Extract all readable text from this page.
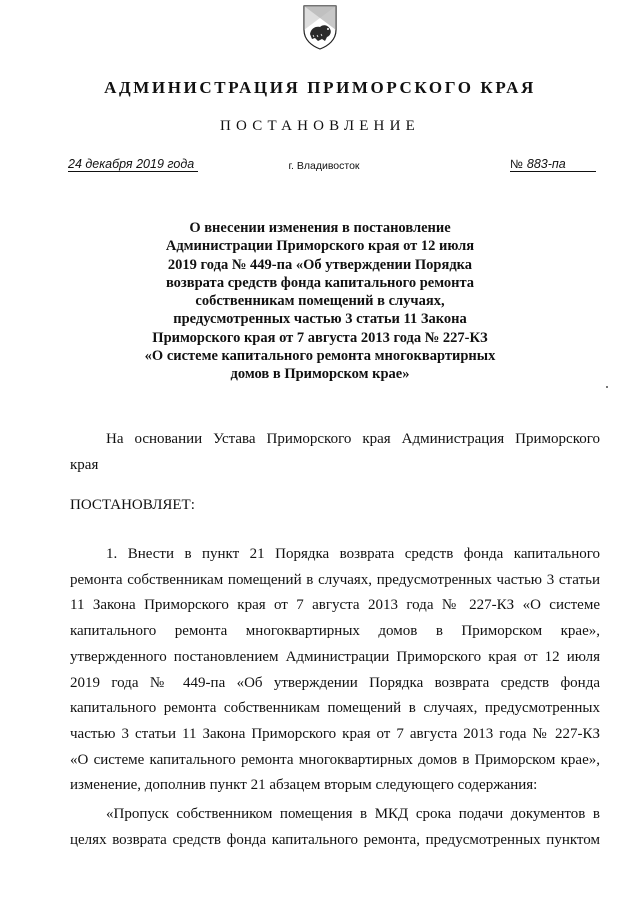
АДМИНИСТРАЦИЯ ПРИМОРСКОГО КРАЯ
ПОСТАНОВЛЕНИЕ
24 декабря 2019 года	г. Владивосток	№ 883-па
О внесении изменения в постановление
Администрации Приморского края от 12 июля
2019 года № 449-па «Об утверждении Порядка
возврата средств фонда капитального ремонта
собственникам помещений в случаях,
предусмотренных частью 3 статьи 11 Закона
Приморского края от 7 августа 2013 года № 227-КЗ
«О системе капитального ремонта многоквартирных
домов в Приморском крае»
На основании Устава Приморского края Администрация Приморского
края
ПОСТАНОВЛЯЕТ:
1. Внести в пункт 21 Порядка возврата средств фонда капитального
ремонта собственникам помещений в случаях, предусмотренных частью 3 статьи
11 Закона Приморского края от 7 августа 2013 года № 227-КЗ «О системе
капитального ремонта многоквартирных домов в Приморском крае»,
утвержденного постановлением Администрации Приморского края от 12 июля
2019 года № 449-па «Об утверждении Порядка возврата средств фонда
капитального ремонта собственникам помещений в случаях, предусмотренных
частью 3 статьи 11 Закона Приморского края от 7 августа 2013 года № 227-КЗ
«О системе капитального ремонта многоквартирных домов в Приморском крае»,
изменение, дополнив пункт 21 абзацем вторым следующего содержания:
«Пропуск собственником помещения в МКД срока подачи документов в
целях возврата средств фонда капитального ремонта, предусмотренных пунктом
